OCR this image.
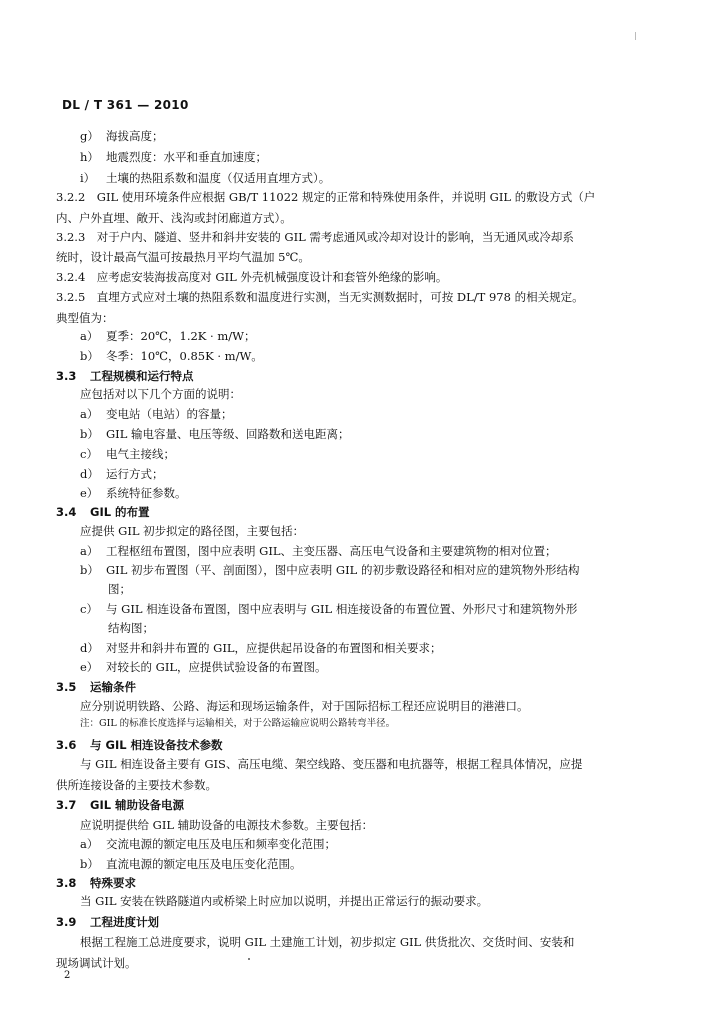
DL / T 361 — 2010
g） 海拔高度；
h） 地震烈度：水平和垂直加速度；
i） 土壤的热阻系数和温度（仅适用直埋方式）。
3.2.2　GIL 使用环境条件应根据 GB/T 11022 规定的正常和特殊使用条件，并说明 GIL 的敷设方式（户
内、户外直埋、敞开、浅沟或封闭廊道方式）。
3.2.3　对于户内、隧道、竖井和斜井安装的 GIL 需考虑通风或冷却对设计的影响，当无通风或冷却系
统时，设计最高气温可按最热月平均气温加 5℃。
3.2.4　应考虑安装海拔高度对 GIL 外壳机械强度设计和套管外绝缘的影响。
3.2.5　直埋方式应对土壤的热阻系数和温度进行实测，当无实测数据时，可按 DL/T 978 的相关规定。
典型值为：
a） 夏季：20℃，1.2K · m/W；
b） 冬季：10℃，0.85K · m/W。
3.3 工程规模和运行特点
应包括对以下几个方面的说明：
a） 变电站（电站）的容量；
b） GIL 输电容量、电压等级、回路数和送电距离；
c） 电气主接线；
d） 运行方式；
e） 系统特征参数。
3.4 GIL 的布置
应提供 GIL 初步拟定的路径图，主要包括：
a） 工程枢纽布置图，图中应表明 GIL、主变压器、高压电气设备和主要建筑物的相对位置；
b） GIL 初步布置图（平、剖面图），图中应表明 GIL 的初步敷设路径和相对应的建筑物外形结构
图；
c） 与 GIL 相连设备布置图，图中应表明与 GIL 相连接设备的布置位置、外形尺寸和建筑物外形
结构图；
d） 对竖井和斜井布置的 GIL，应提供起吊设备的布置图和相关要求；
e） 对较长的 GIL，应提供试验设备的布置图。
3.5 运输条件
应分别说明铁路、公路、海运和现场运输条件，对于国际招标工程还应说明目的港港口。
注：GIL 的标准长度选择与运输相关，对于公路运输应说明公路转弯半径。
3.6 与 GIL 相连设备技术参数
与 GIL 相连设备主要有 GIS、高压电缆、架空线路、变压器和电抗器等，根据工程具体情况，应提
供所连接设备的主要技术参数。
3.7 GIL 辅助设备电源
应说明提供给 GIL 辅助设备的电源技术参数。主要包括：
a） 交流电源的额定电压及电压和频率变化范围；
b） 直流电源的额定电压及电压变化范围。
3.8 特殊要求
当 GIL 安装在铁路隧道内或桥梁上时应加以说明，并提出正常运行的振动要求。
3.9 工程进度计划
根据工程施工总进度要求，说明 GIL 土建施工计划，初步拟定 GIL 供货批次、交货时间、安装和
现场调试计划。
2
